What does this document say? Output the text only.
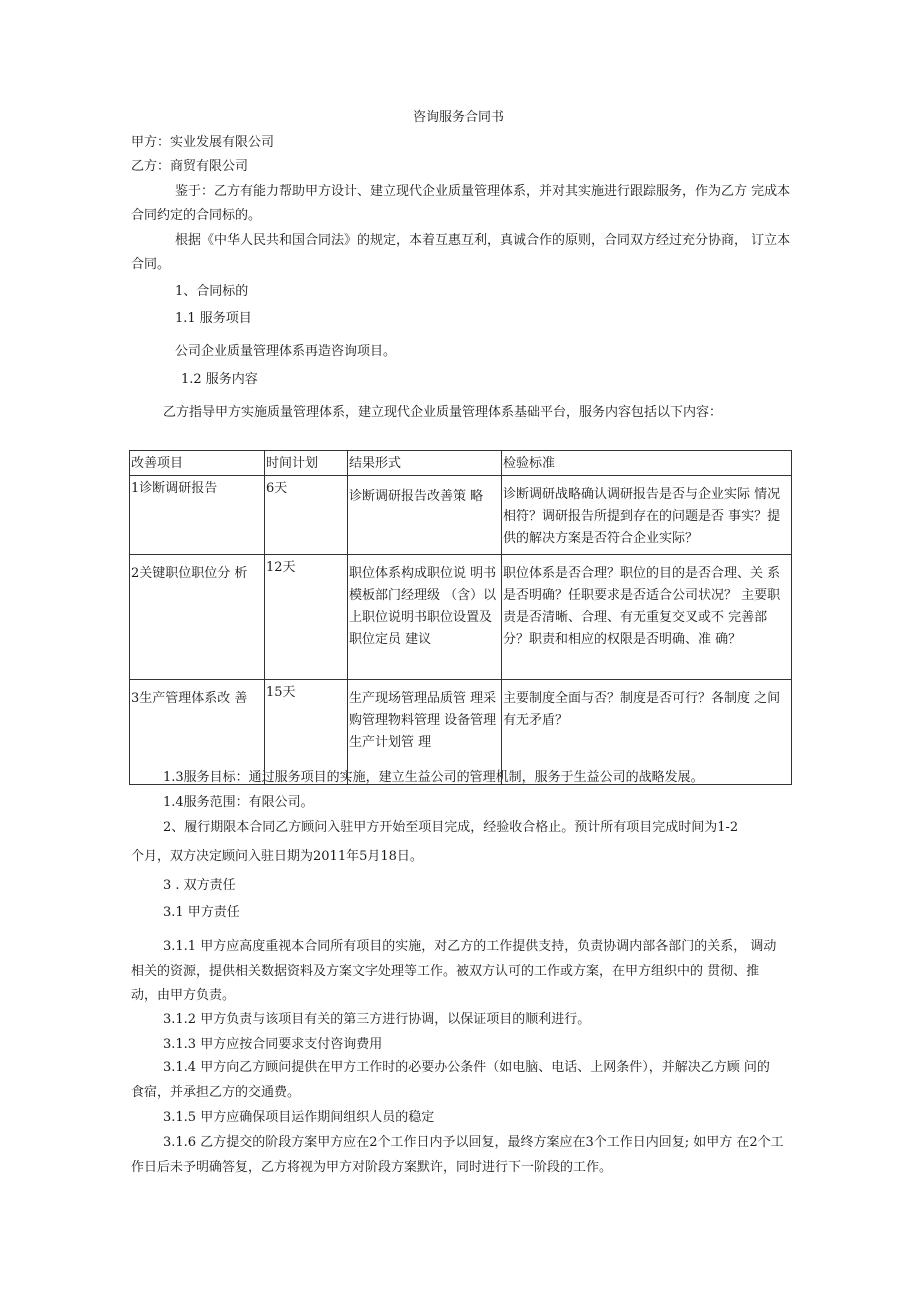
咨询服务合同书
甲方：实业发展有限公司
乙方：商贸有限公司
鉴于：乙方有能力帮助甲方设计、建立现代企业质量管理体系，并对其实施进行跟踪服务，作为乙方 完成本
合同约定的合同标的。
根据《中华人民共和国合同法》的规定，本着互惠互利，真诚合作的原则，合同双方经过充分协商， 订立本
合同。
1、合同标的
1.1 服务项目
公司企业质量管理体系再造咨询项目。
1.2 服务内容
乙方指导甲方实施质量管理体系，建立现代企业质量管理体系基础平台，服务内容包括以下内容：
改善项目	时间计划	结果形式	检验标准
1诊断调研报告	6天	诊断调研报告改善策 略	诊断调研战略确认调研报告是否与企业实际 情况相符？调研报告所提到存在的问题是否 事实？提供的解决方案是否符合企业实际？
2关键职位职位分 析	12天	职位体系构成职位说 明书模板部门经理级 （含）以上职位说明书职位设置及职位定员 建议	职位体系是否合理？职位的目的是否合理、关 系是否明确？任职要求是否适合公司状况？ 主要职责是否清晰、合理、有无重复交叉或不 完善部分？职责和相应的权限是否明确、准 确？
3生产管理体系改 善	15天	生产现场管理品质管 理采购管理物料管理 设备管理生产计划管 理	主要制度全面与否？制度是否可行？各制度 之间有无矛盾？
1.3服务目标：通过服务项目的实施，建立生益公司的管理机制，服务于生益公司的战略发展。
1.4服务范围：有限公司。
2、履行期限本合同乙方顾问入驻甲方开始至项目完成，经验收合格止。预计所有项目完成时间为1-2
个月，双方决定顾问入驻日期为2011年5月18日。
3 . 双方责任
3.1 甲方责任
3.1.1 甲方应高度重视本合同所有项目的实施，对乙方的工作提供支持，负责协调内部各部门的关系， 调动
相关的资源，提供相关数据资料及方案文字处理等工作。被双方认可的工作或方案，在甲方组织中的 贯彻、推
动，由甲方负责。
3.1.2 甲方负责与该项目有关的第三方进行协调，以保证项目的顺利进行。
3.1.3 甲方应按合同要求支付咨询费用
3.1.4 甲方向乙方顾问提供在甲方工作时的必要办公条件（如电脑、电话、上网条件），并解决乙方顾 问的
食宿，并承担乙方的交通费。
3.1.5 甲方应确保项目运作期间组织人员的稳定
3.1.6 乙方提交的阶段方案甲方应在2个工作日内予以回复，最终方案应在3个工作日内回复; 如甲方 在2个工
作日后未予明确答复，乙方将视为甲方对阶段方案默许，同时进行下一阶段的工作。
